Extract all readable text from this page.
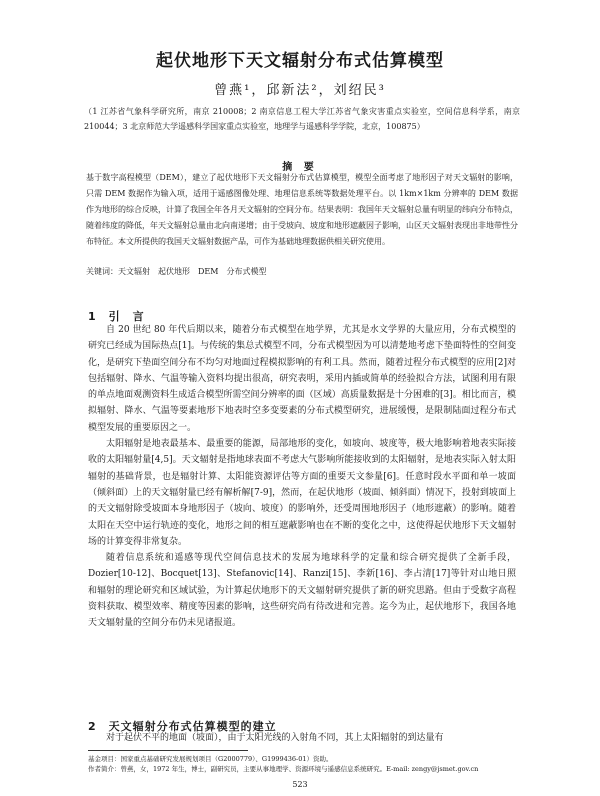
起伏地形下天文辐射分布式估算模型
曾燕¹，邱新法²，刘绍民³
（1 江苏省气象科学研究所，南京 210008；2 南京信息工程大学江苏省气象灾害重点实验室，空间信息科学系，南京 210044；3 北京师范大学遥感科学国家重点实验室，地理学与遥感科学学院，北京，100875）
摘 要
基于数字高程模型（DEM），建立了起伏地形下天文辐射分布式估算模型，模型全面考虑了地形因子对天文辐射的影响，只需 DEM 数据作为输入项，适用于遥感图像处理、地理信息系统等数据处理平台。以 1km×1km 分辨率的 DEM 数据作为地形的综合反映，计算了我国全年各月天文辐射的空间分布。结果表明：我国年天文辐射总量有明显的纬向分布特点，随着纬度的降低，年天文辐射总量由北向南递增；由于受坡向、坡度和地形遮蔽因子影响，山区天文辐射表现出非地带性分布特征。本文所提供的我国天文辐射数据产品，可作为基础地理数据供相关研究使用。
关键词：天文辐射　起伏地形　DEM　分布式模型
1　引　言

自 20 世纪 80 年代后期以来，随着分布式模型在地学界，尤其是水文学界的大量应用，分布式模型的研究已经成为国际热点[1]。与传统的集总式模型不同，分布式模型因为可以清楚地考虑下垫面特性的空间变化，是研究下垫面空间分布不均匀对地面过程模拟影响的有利工具。然而，随着过程分布式模型的应用[2]对包括辐射、降水、气温等输入资料均提出很高，研究表明，采用内插或简单的经验拟合方法，试图利用有限的单点地面观测资料生成适合模型所需空间分辨率的面（区域）高质量数据是十分困难的[3]。相比而言，模拟辐射、降水、气温等要素地形下地表时空多变要素的分布式模型研究，进展缓慢，是限制陆面过程分布式模型发展的重要原因之一。

太阳辐射是地表最基本、最重要的能源，局部地形的变化，如坡向、坡度等，极大地影响着地表实际接收的太阳辐射量[4,5]。天文辐射是指地球表面不考虑大气影响所能接收到的太阳辐射，是地表实际入射太阳辐射的基础背景，也是辐射计算、太阳能资源评估等方面的重要天文参量[6]。任意时段水平面和单一坡面（倾斜面）上的天文辐射量已经有解析解[7-9]，然而，在起伏地形（坡面、倾斜面）情况下，投射到坡面上的天文辐射除受坡面本身地形因子（坡向、坡度）的影响外，还受周围地形因子（地形遮蔽）的影响。随着太阳在天空中运行轨迹的变化，地形之间的相互遮蔽影响也在不断的变化之中，这使得起伏地形下天文辐射场的计算变得非常复杂。

随着信息系统和遥感等现代空间信息技术的发展为地球科学的定量和综合研究提供了全新手段，Dozier[10-12]、Bocquet[13]、Stefanovic[14]、Ranzi[15]、李新[16]、李占清[17]等针对山地日照和辐射的理论研究和区域试验，为计算起伏地形下的天文辐射研究提供了新的研究思路。但由于受数字高程资料获取、模型效率、精度等因素的影响，这些研究尚有待改进和完善。迄今为止，起伏地形下，我国各地天文辐射量的空间分布仍未见诸报道。

2　天文辐射分布式估算模型的建立

对于起伏不平的地面（坡面），由于太阳光线的入射角不同，其上太阳辐射的到达量有

基金项目：国家重点基础研究发展规划项目（G2000779）、G1999436-01）资助。
作者简介：曾燕，女，1972 年生，博士，副研究员，主要从事地理学、资源环境与遥感信息系统研究。E-mail: zengy@jsmet.gov.cn
523
